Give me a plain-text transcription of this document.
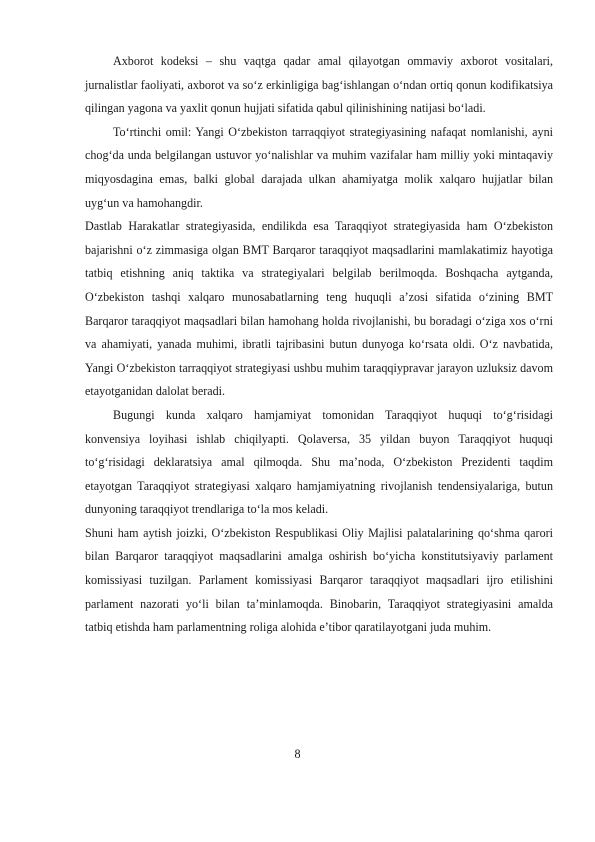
Axborot kodeksi – shu vaqtga qadar amal qilayotgan ommaviy axborot vositalari, jurnalistlar faoliyati, axborot va so‘z erkinligiga bag‘ishlangan o‘ndan ortiq qonun kodifikatsiya qilingan yagona va yaxlit qonun hujjati sifatida qabul qilinishining natijasi bo‘ladi.

To‘rtinchi omil: Yangi O‘zbekiston tarraqqiyot strategiyasining nafaqat nomlanishi, ayni chog‘da unda belgilangan ustuvor yo‘nalishlar va muhim vazifalar ham milliy yoki mintaqaviy miqyosdagina emas, balki global darajada ulkan ahamiyatga molik xalqaro hujjatlar bilan uyg‘un va hamohangdir.

Dastlab Harakatlar strategiyasida, endilikda esa Taraqqiyot strategiyasida ham O‘zbekiston bajarishni o‘z zimmasiga olgan BMT Barqaror taraqqiyot maqsadlarini mamlakatimiz hayotiga tatbiq etishning aniq taktika va strategiyalari belgilab berilmoqda. Boshqacha aytganda, O‘zbekiston tashqi xalqaro munosabatlarning teng huquqli a’zosi sifatida o‘zining BMT Barqaror taraqqiyot maqsadlari bilan hamohang holda rivojlanishi, bu boradagi o‘ziga xos o‘rni va ahamiyati, yanada muhimi, ibratli tajribasini butun dunyoga ko‘rsata oldi. O‘z navbatida, Yangi O‘zbekiston tarraqqiyot strategiyasi ushbu muhim taraqqiypravar jarayon uzluksiz davom etayotganidan dalolat beradi.

Bugungi kunda xalqaro hamjamiyat tomonidan Taraqqiyot huquqi to‘g‘risidagi konvensiya loyihasi ishlab chiqilyapti. Qolaversa, 35 yildan buyon Taraqqiyot huquqi to‘g‘risidagi deklaratsiya amal qilmoqda. Shu ma’noda, O‘zbekiston Prezidenti taqdim etayotgan Taraqqiyot strategiyasi xalqaro hamjamiyatning rivojlanish tendensiyalariga, butun dunyoning taraqqiyot trendlariga to‘la mos keladi.

Shuni ham aytish joizki, O‘zbekiston Respublikasi Oliy Majlisi palatalarining qo‘shma qarori bilan Barqaror taraqqiyot maqsadlarini amalga oshirish bo‘yicha konstitutsiyaviy parlament komissiyasi tuzilgan. Parlament komissiyasi Barqaror taraqqiyot maqsadlari ijro etilishini parlament nazorati yo‘li bilan ta’minlamoqda. Binobarin, Taraqqiyot strategiyasini amalda tatbiq etishda ham parlamentning roliga alohida e’tibor qaratilayotgani juda muhim.

8
